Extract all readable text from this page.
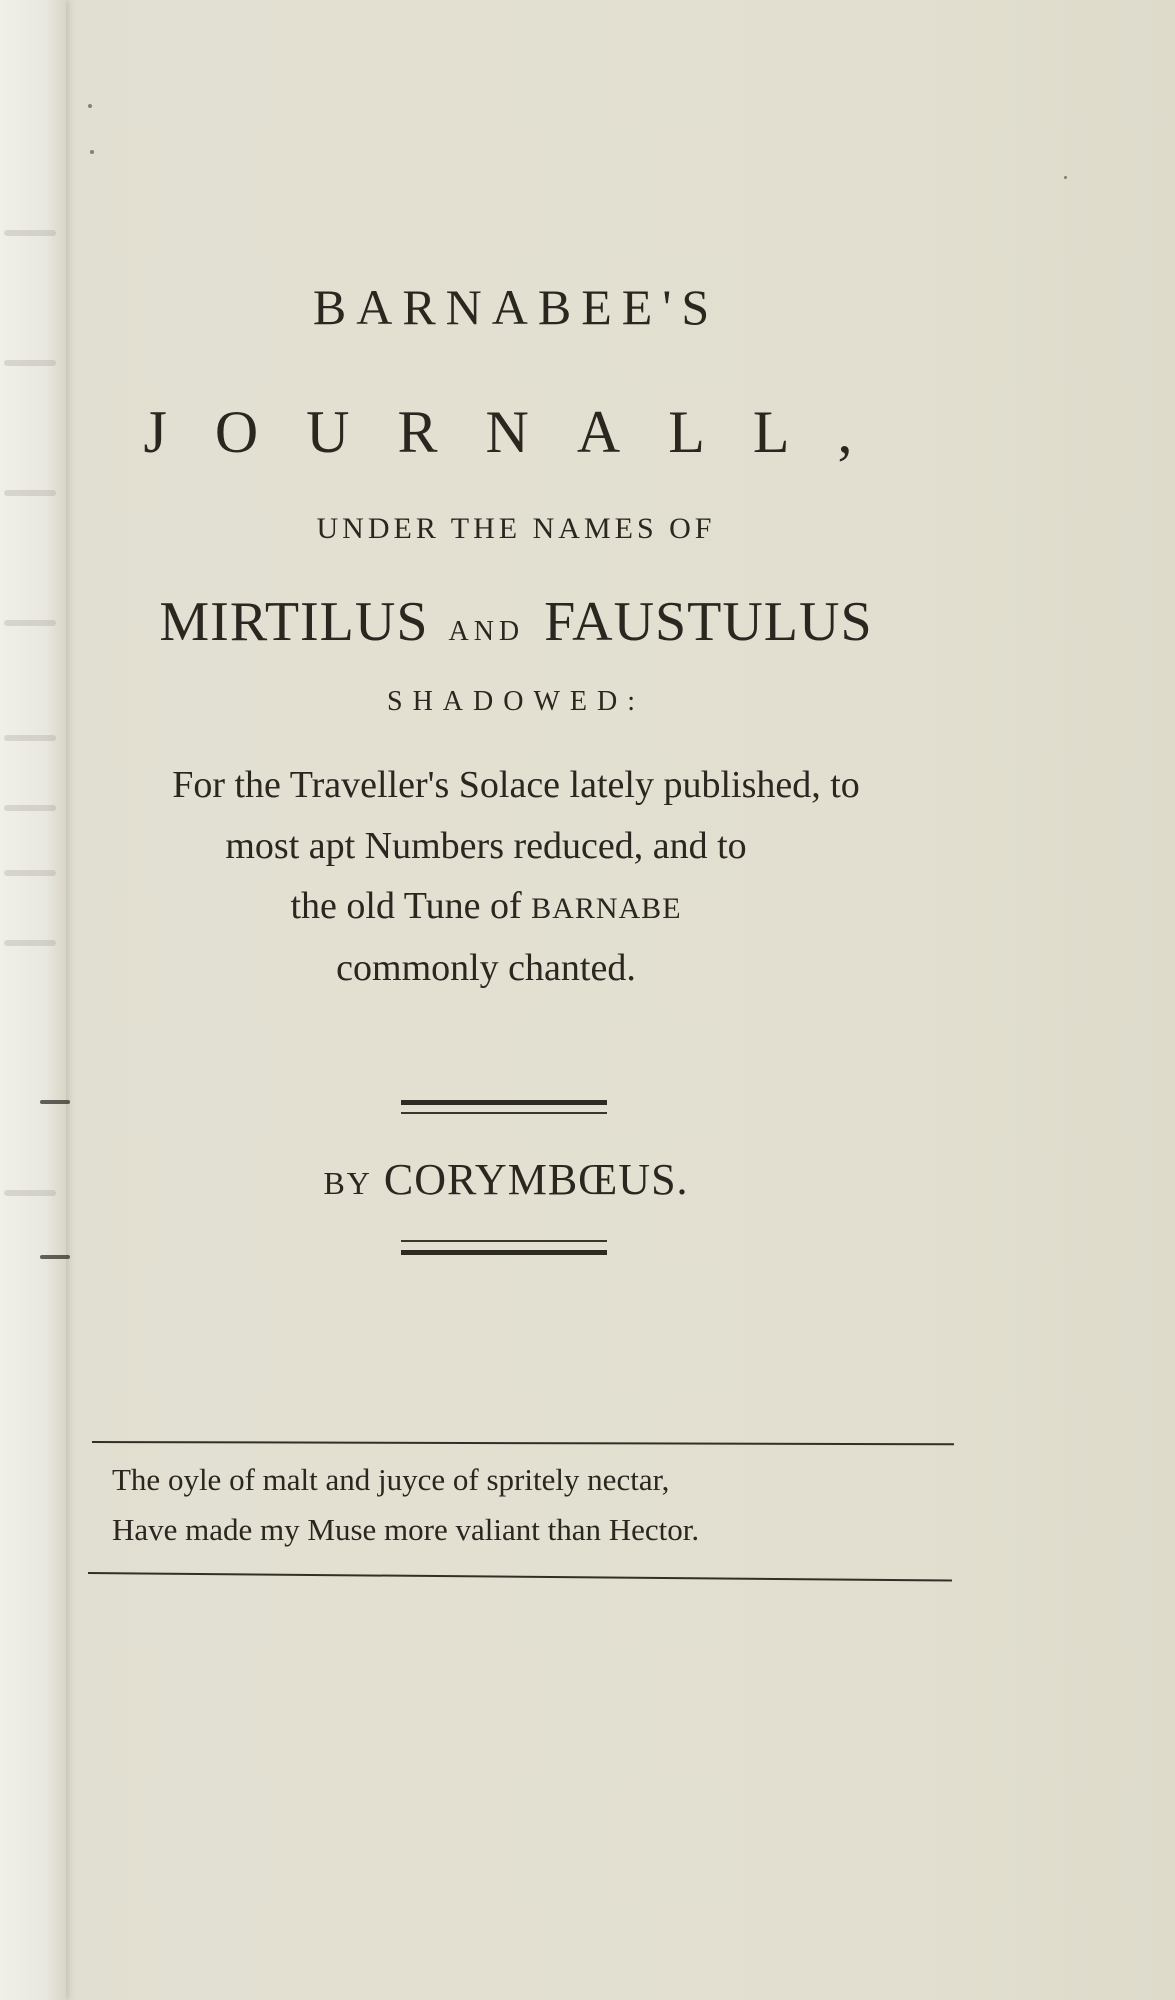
BARNABEE'S
JOURNALL,
UNDER THE NAMES OF
MIRTILUS AND FAUSTULUS
SHADOWED:
For the Traveller's Solace lately published, to
most apt Numbers reduced, and to
the old Tune of BARNABE
commonly chanted.
BY CORYMBŒUS.
The oyle of malt and juyce of spritely nectar,
Have made my Muse more valiant than Hector.
